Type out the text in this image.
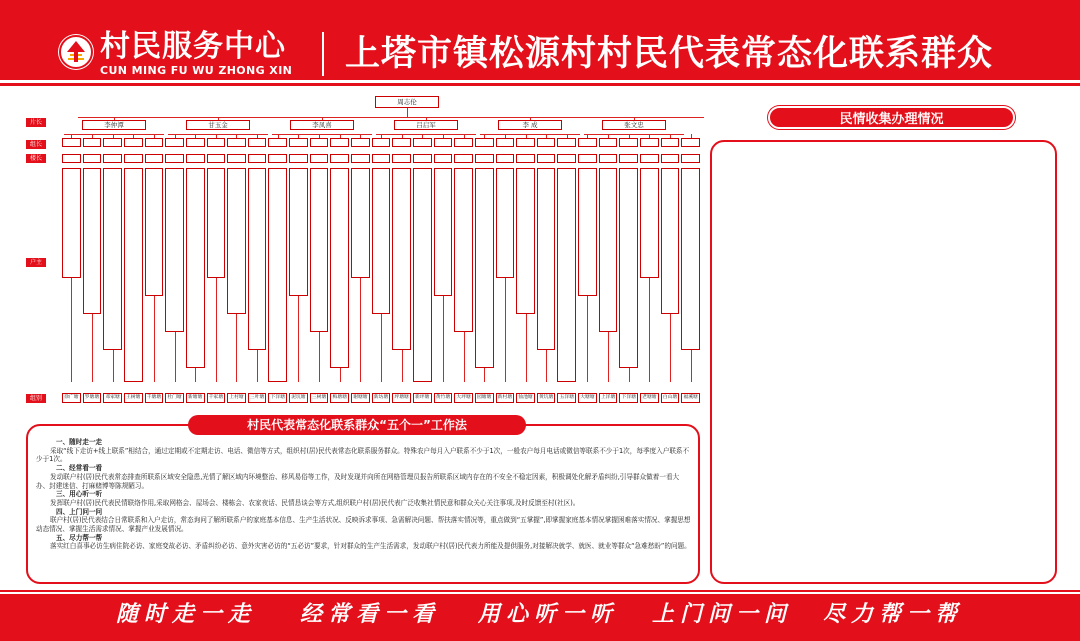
村民服务中心
CUN MING FU WU ZHONG XIN 上塔市镇松源村村民代表常态化联系群众
周志伦
片长
组长
楼长
户主
组别
李仲潭	甘玉金	李凤喜	吕启军	李 成	张文忠
徐广塘	罗塘塘	邓家塘	王树塘	千塘塘	杜门塘	新塘塘	千家塘	上村塘	三叶塘	下洋塘	泥坑塘	三树塘	梅塘塘	谢塘塘	新坊塘	坪塘塘	新坪塘	黄竹塘	大坪塘	园塘塘	新村塘	仙池塘	黄坑塘	五洋塘	大塘塘	上洋塘	下洋塘	老塘塘	白山塘	福溪塘
民情收集办理情况
村民代表常态化联系群众“五个一”工作法
一、随时走一走
采取“线下走访+线上联系”相结合，通过定期或不定期走访、电话、微信等方式，组织村(居)民代表常态化联系服务群众。特殊农户每月入户联系不少于1次，一般农户每月电话或微信等联系不少于1次，每季度入户联系不少于1次。
二、经常看一看
发动联户村(居)民代表常态排查所联系区域安全隐患,光情了解区域内环境整治、移风易俗等工作，及时发现并向所在网格管理员报告所联系区域内存在的不安全不稳定因素，积极调处化解矛盾纠纷,引导群众做着一看大办、封建迷信、打麻赌博等陈规陋习。
三、用心听一听
发挥联户村(居)民代表民情联络作用,采取网格会、屋场会、楼栋会、农家夜话、民情恳谈会等方式,组织联户村(居)民代表广泛收集社情民意和群众关心关注事项,及时反馈至村(社区)。
四、上门问一问
联户村(居)民代表结合日常联系和入户走访，常态询问了解所联系户的家庭基本信息、生产生活状况、反映诉求事项、急需解决问题、帮扶落实情况等，重点做到“五掌握”,即掌握家庭基本情况掌握困难落实情况、掌握思想动态情况、掌握生活需求情况、掌握产业发展情况。
五、尽力帮一帮
落实红白喜事必访生病住院必访、家庭变故必访、矛盾纠纷必访、意外灾害必访的“五必访”要求，针对群众的生产生活需求，发动联户村(居)民代表力所能及提供服务,对接解决就学、就医、就业等群众“急难愁盼”的问题。
随时走一走 经常看一看 用心听一听 上门问一问 尽力帮一帮
